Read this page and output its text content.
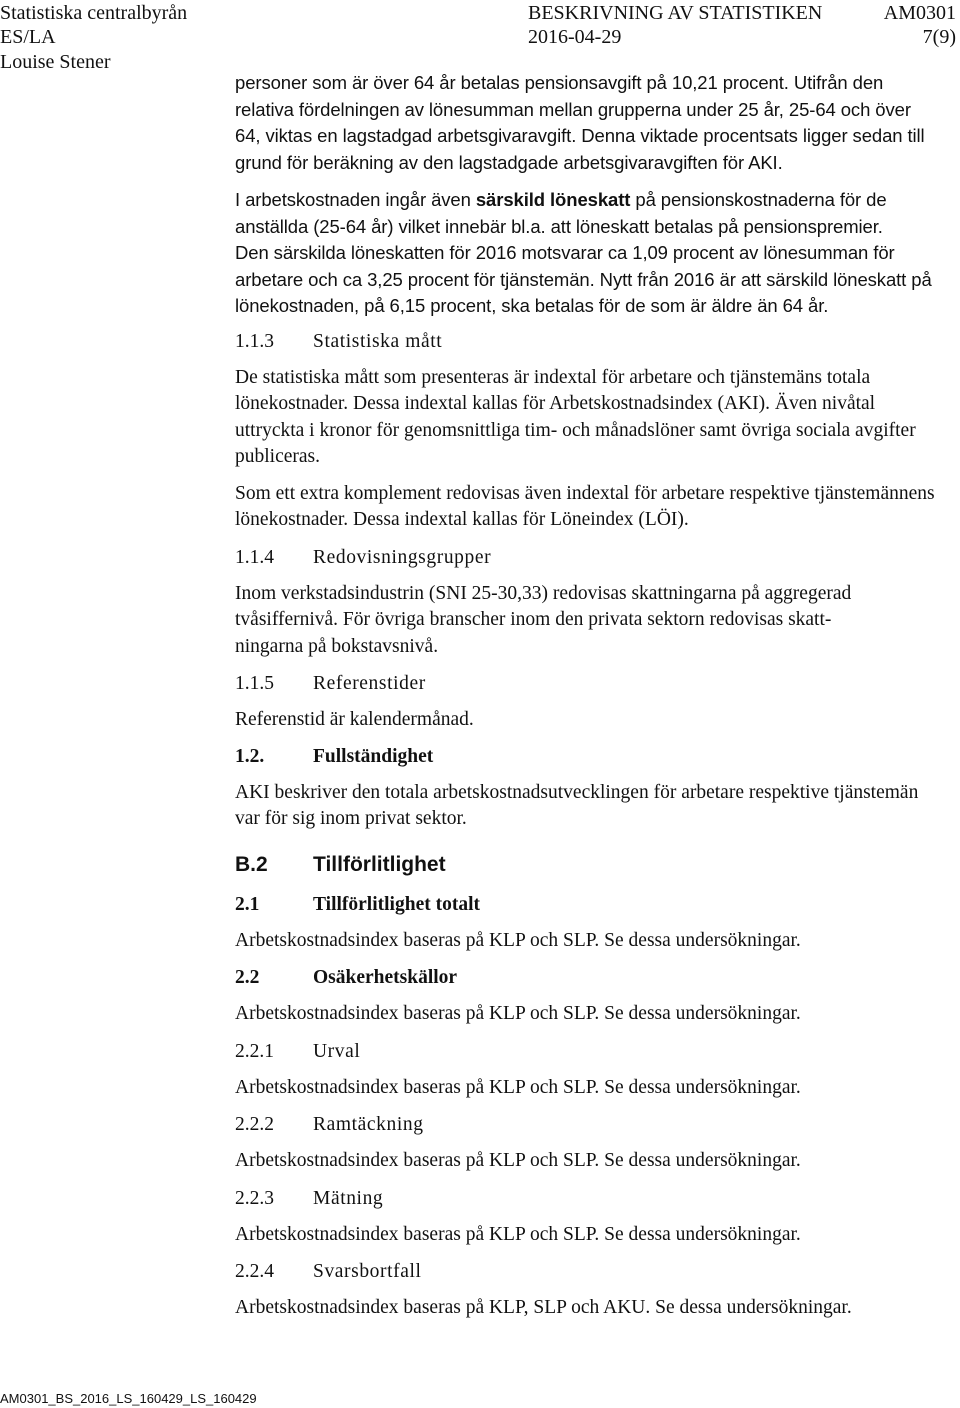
Statistiska centralbyrån
ES/LA
Louise Stener
BESKRIVNING AV STATISTIKEN
2016-04-29
AM0301
7(9)

personer som är över 64 år betalas pensionsavgift på 10,21 procent. Utifrån den relativa fördelningen av lönesumman mellan grupperna under 25 år, 25-64 och över 64, viktas en lagstadgad arbetsgivaravgift. Denna viktade procentsats ligger sedan till grund för beräkning av den lagstadgade arbetsgivaravgiften för AKI.

I arbetskostnaden ingår även särskild löneskatt på pensionskostnaderna för de anställda (25-64 år) vilket innebär bl.a. att löneskatt betalas på pensionspremier.

Den särskilda löneskatten för 2016 motsvarar ca 1,09 procent av lönesumman för arbetare och ca 3,25 procent för tjänstemän. Nytt från 2016 är att särskild löneskatt på lönekostnaden, på 6,15 procent, ska betalas för de som är äldre än 64 år.

1.1.3	Statistiska mått

De statistiska mått som presenteras är indextal för arbetare och tjänstemäns totala lönekostnader. Dessa indextal kallas för Arbetskostnadsindex (AKI). Även nivåtal uttryckta i kronor för genomsnittliga tim- och månadslöner samt övriga sociala avgifter publiceras.

Som ett extra komplement redovisas även indextal för arbetare respektive tjänstemännens lönekostnader. Dessa indextal kallas för Löneindex (LÖI).

1.1.4	Redovisningsgrupper

Inom verkstadsindustrin (SNI 25-30,33) redovisas skattningarna på aggregerad
tvåsiffernivå. För övriga branscher inom den privata sektorn redovisas skatt-
ningarna på bokstavsnivå.

1.1.5	Referenstider

Referenstid är kalendermånad.

1.2.	Fullständighet

AKI beskriver den totala arbetskostnadsutvecklingen för arbetare respektive tjänstemän var för sig inom privat sektor.

B.2	Tillförlitlighet
2.1	Tillförlitlighet totalt

Arbetskostnadsindex baseras på KLP och SLP. Se dessa undersökningar.

2.2	Osäkerhetskällor

Arbetskostnadsindex baseras på KLP och SLP. Se dessa undersökningar.

2.2.1	Urval

Arbetskostnadsindex baseras på KLP och SLP. Se dessa undersökningar.

2.2.2	Ramtäckning

Arbetskostnadsindex baseras på KLP och SLP. Se dessa undersökningar.

2.2.3	Mätning

Arbetskostnadsindex baseras på KLP och SLP. Se dessa undersökningar.

2.2.4	Svarsbortfall

Arbetskostnadsindex baseras på KLP, SLP och AKU. Se dessa undersökningar.

AM0301_BS_2016_LS_160429_LS_160429
